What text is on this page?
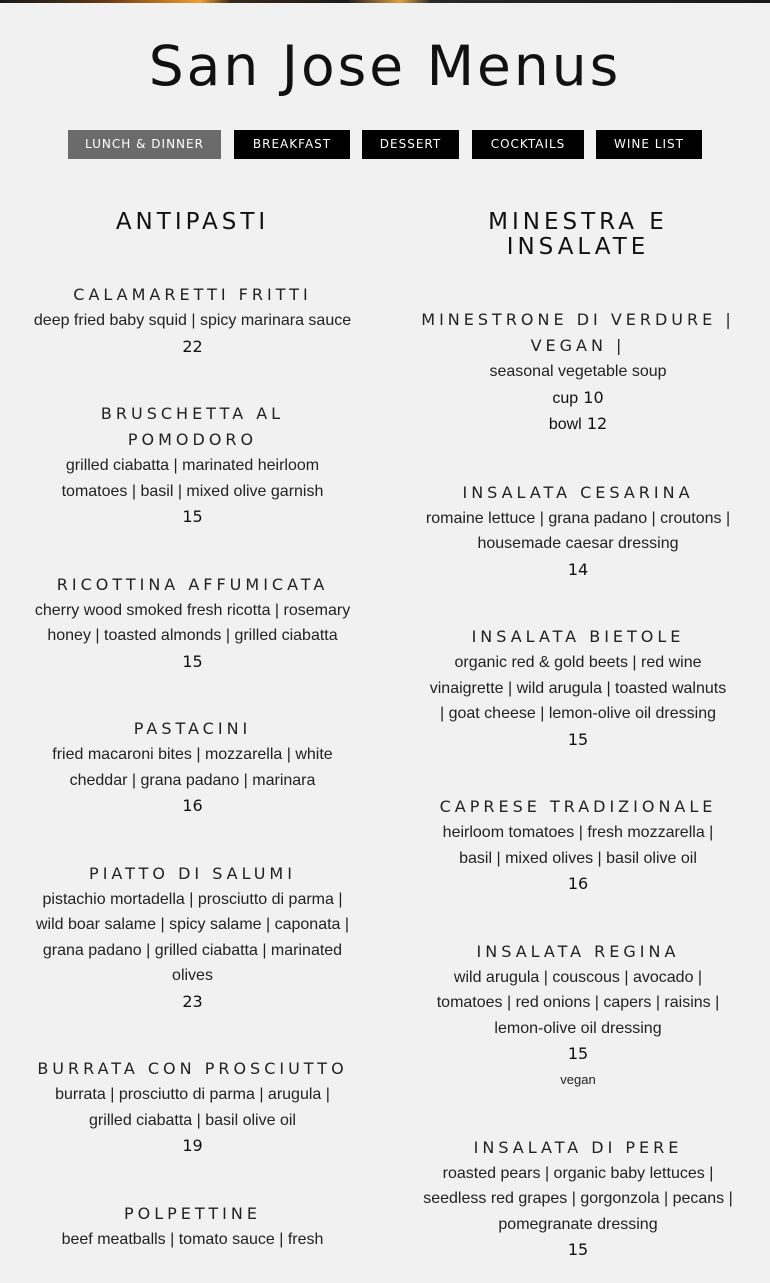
San Jose Menus
LUNCH & DINNER	BREAKFAST	DESSERT	COCKTAILS	WINE LIST
ANTIPASTI

CALAMARETTI FRITTI

deep fried baby squid | spicy marinara sauce

22

BRUSCHETTA AL POMODORO

grilled ciabatta | marinated heirloom tomatoes | basil | mixed olive garnish

15

RICOTTINA AFFUMICATA

cherry wood smoked fresh ricotta | rosemary honey | toasted almonds | grilled ciabatta

15

PASTACINI

fried macaroni bites | mozzarella | white cheddar | grana padano | marinara

16

PIATTO DI SALUMI

pistachio mortadella | prosciutto di parma | wild boar salame | spicy salame | caponata | grana padano | grilled ciabatta | marinated olives

23

BURRATA CON PROSCIUTTO

burrata | prosciutto di parma | arugula | grilled ciabatta | basil olive oil

19

POLPETTINE

beef meatballs | tomato sauce | fresh

MINESTRA E INSALATE

MINESTRONE DI VERDURE | VEGAN |

seasonal vegetable soup

cup 10

bowl 12

INSALATA CESARINA

romaine lettuce | grana padano | croutons | housemade caesar dressing

14

INSALATA BIETOLE

organic red & gold beets | red wine vinaigrette | wild arugula | toasted walnuts | goat cheese | lemon-olive oil dressing

15

CAPRESE TRADIZIONALE

heirloom tomatoes | fresh mozzarella | basil | mixed olives | basil olive oil

16

INSALATA REGINA

wild arugula | couscous | avocado | tomatoes | red onions | capers | raisins | lemon-olive oil dressing

15

vegan

INSALATA DI PERE

roasted pears | organic baby lettuces | seedless red grapes | gorgonzola | pecans | pomegranate dressing

15
